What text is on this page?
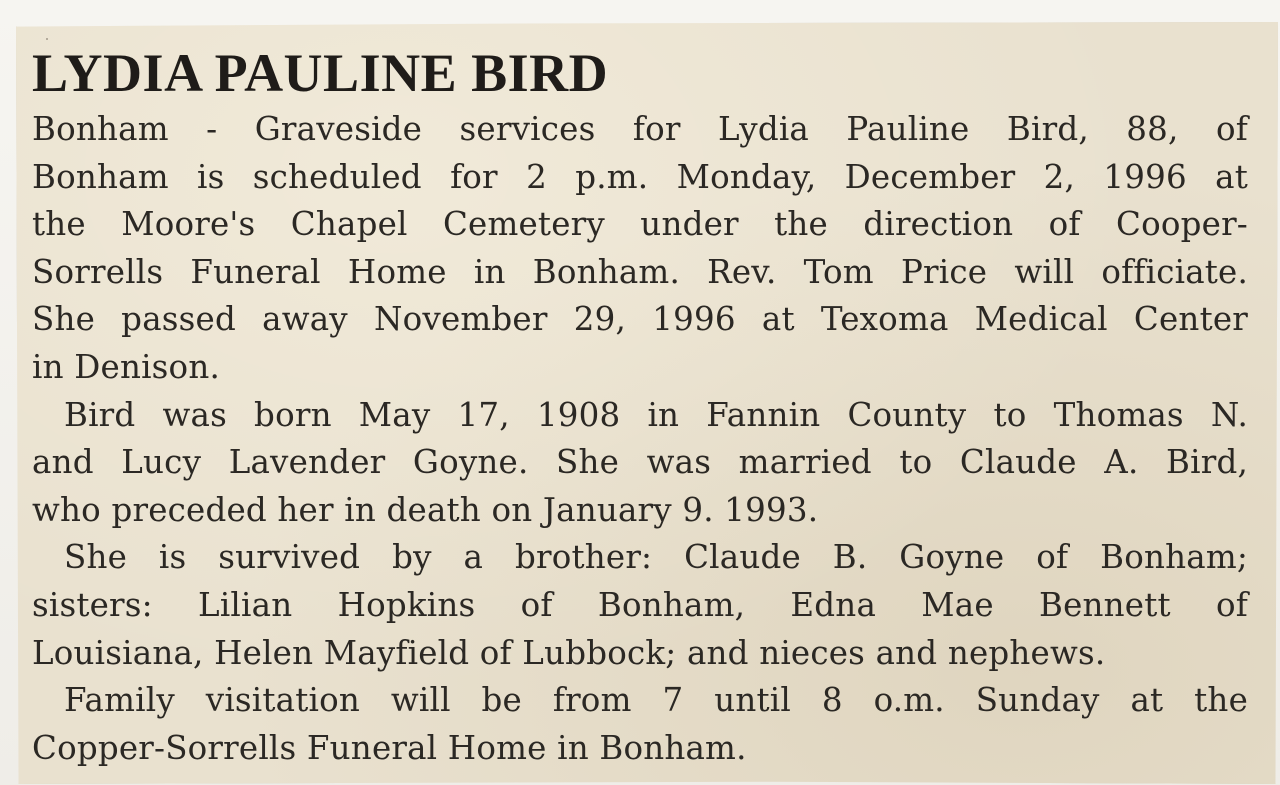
LYDIA PAULINE BIRD
Bonham - Graveside services for Lydia Pauline Bird, 88, of
Bonham is scheduled for 2 p.m. Monday, December 2, 1996 at
the Moore's Chapel Cemetery under the direction of Cooper-
Sorrells Funeral Home in Bonham. Rev. Tom Price will officiate.
She passed away November 29, 1996 at Texoma Medical Center
in Denison.
Bird was born May 17, 1908 in Fannin County to Thomas N.
and Lucy Lavender Goyne. She was married to Claude A. Bird,
who preceded her in death on January 9. 1993.
She is survived by a brother: Claude B. Goyne of Bonham;
sisters: Lilian Hopkins of Bonham, Edna Mae Bennett of
Louisiana, Helen Mayfield of Lubbock; and nieces and nephews.
Family visitation will be from 7 until 8 o.m. Sunday at the
Copper-Sorrells Funeral Home in Bonham.
